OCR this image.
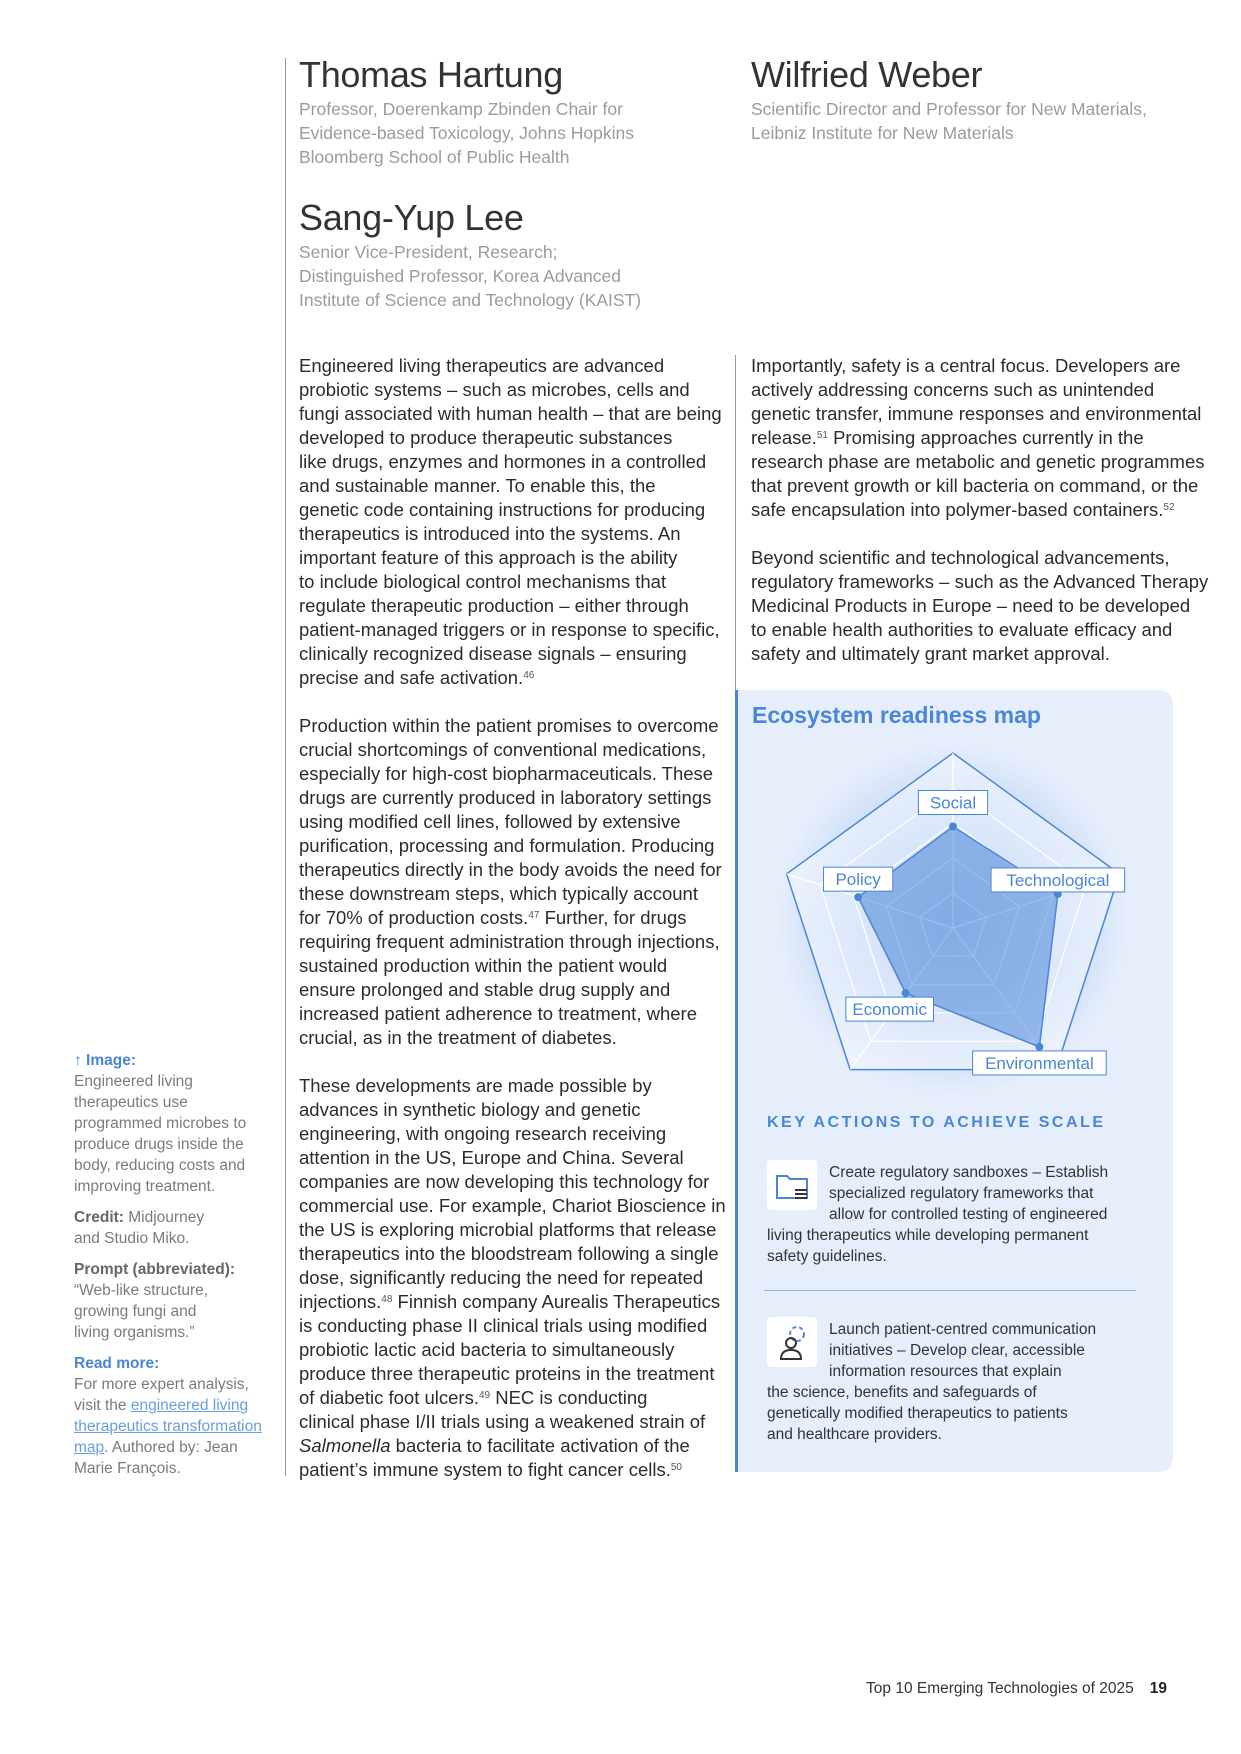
Thomas Hartung

Professor, Doerenkamp Zbinden Chair for
Evidence-based Toxicology, Johns Hopkins
Bloomberg School of Public Health

Wilfried Weber

Scientific Director and Professor for New Materials,
Leibniz Institute for New Materials

Sang-Yup Lee

Senior Vice-President, Research;
Distinguished Professor, Korea Advanced
Institute of Science and Technology (KAIST)

↑ Image:
Engineered living
therapeutics use
programmed microbes to
produce drugs inside the
body, reducing costs and
improving treatment.
Credit: Midjourney
and Studio Miko.
Prompt (abbreviated):
“Web-like structure,
growing fungi and
living organisms.”
Read more:
For more expert analysis,
visit the engineered living
therapeutics transformation
map. Authored by: Jean
Marie François.

Engineered living therapeutics are advanced
probiotic systems – such as microbes, cells and
fungi associated with human health – that are being
developed to produce therapeutic substances
like drugs, enzymes and hormones in a controlled
and sustainable manner. To enable this, the
genetic code containing instructions for producing
therapeutics is introduced into the systems. An
important feature of this approach is the ability
to include biological control mechanisms that
regulate therapeutic production – either through
patient-managed triggers or in response to specific,
clinically recognized disease signals – ensuring
precise and safe activation.$^{46}$

Production within the patient promises to overcome
crucial shortcomings of conventional medications,
especially for high-cost biopharmaceuticals. These
drugs are currently produced in laboratory settings
using modified cell lines, followed by extensive
purification, processing and formulation. Producing
therapeutics directly in the body avoids the need for
these downstream steps, which typically account
for 70% of production costs.$^{47}$ Further, for drugs
requiring frequent administration through injections,
sustained production within the patient would
ensure prolonged and stable drug supply and
increased patient adherence to treatment, where
crucial, as in the treatment of diabetes.

These developments are made possible by
advances in synthetic biology and genetic
engineering, with ongoing research receiving
attention in the US, Europe and China. Several
companies are now developing this technology for
commercial use. For example, Chariot Bioscience in
the US is exploring microbial platforms that release
therapeutics into the bloodstream following a single
dose, significantly reducing the need for repeated
injections.$^{48}$ Finnish company Aurealis Therapeutics
is conducting phase II clinical trials using modified
probiotic lactic acid bacteria to simultaneously
produce three therapeutic proteins in the treatment
of diabetic foot ulcers.$^{49}$ NEC is conducting
clinical phase I/II trials using a weakened strain of
Salmonella bacteria to facilitate activation of the
patient’s immune system to fight cancer cells.$^{50}$

Importantly, safety is a central focus. Developers are
actively addressing concerns such as unintended
genetic transfer, immune responses and environmental
release.$^{51}$ Promising approaches currently in the
research phase are metabolic and genetic programmes
that prevent growth or kill bacteria on command, or the
safe encapsulation into polymer-based containers.$^{52}$

Beyond scientific and technological advancements,
regulatory frameworks – such as the Advanced Therapy
Medicinal Products in Europe – need to be developed
to enable health authorities to evaluate efficacy and
safety and ultimately grant market approval.

Ecosystem readiness map
Social
Technological
Environmental
Economic
Policy
KEY ACTIONS TO ACHIEVE SCALE
Create regulatory sandboxes – Establish
specialized regulatory frameworks that
allow for controlled testing of engineered
living therapeutics while developing permanent
safety guidelines.
Launch patient-centred communication
initiatives – Develop clear, accessible
information resources that explain
the science, benefits and safeguards of
genetically modified therapeutics to patients
and healthcare providers.
Top 10 Emerging Technologies of 2025 19
